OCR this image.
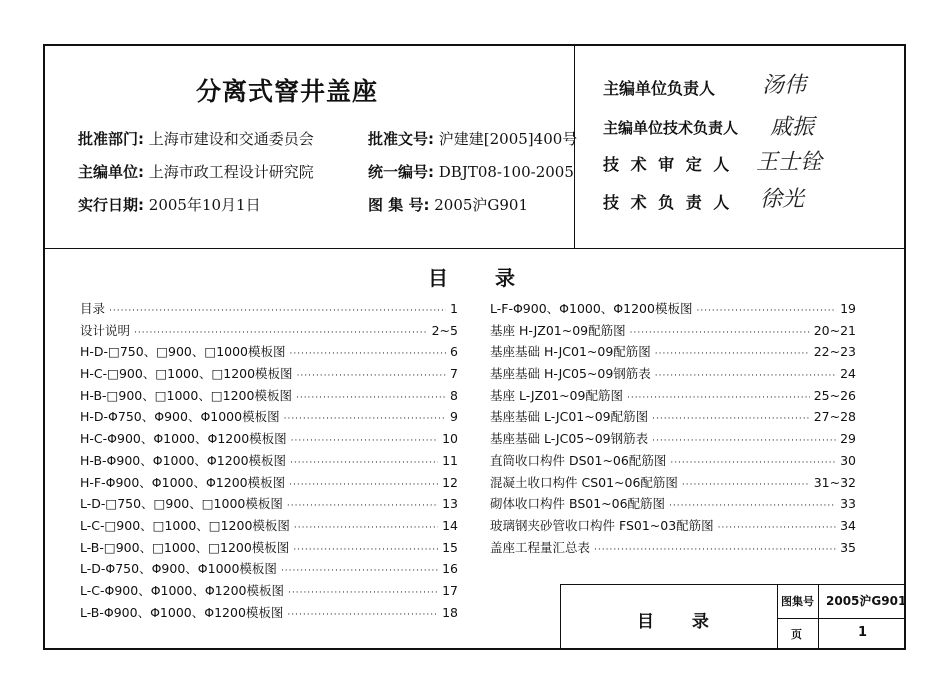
分离式窨井盖座
批准部门: 上海市建设和交通委员会	批准文号: 沪建建[2005]400号
主编单位: 上海市政工程设计研究院	统一编号: DBJT08-100-2005
实行日期: 2005年10月1日	图 集 号: 2005沪G901
主编单位负责人 汤伟
主编单位技术负责人 戚振
技 术 审 定 人 王士铨
技 术 负 责 人 徐光
目 录
目录 ·····	1
设计说明 ·····	2~5
H-D-□750、□900、□1000模板图 ·····	6
H-C-□900、□1000、□1200模板图 ·····	7
H-B-□900、□1000、□1200模板图 ·····	8
H-D-Φ750、Φ900、Φ1000模板图 ·····	9
H-C-Φ900、Φ1000、Φ1200模板图 ·····	10
H-B-Φ900、Φ1000、Φ1200模板图 ·····	11
H-F-Φ900、Φ1000、Φ1200模板图 ·····	12
L-D-□750、□900、□1000模板图 ·····	13
L-C-□900、□1000、□1200模板图 ·····	14
L-B-□900、□1000、□1200模板图 ·····	15
L-D-Φ750、Φ900、Φ1000模板图 ·····	16
L-C-Φ900、Φ1000、Φ1200模板图 ·····	17
L-B-Φ900、Φ1000、Φ1200模板图 ·····	18
L-F-Φ900、Φ1000、Φ1200模板图 ·····	19
基座 H-JZ01~09配筋图 ·····	20~21
基座基础 H-JC01~09配筋图 ·····	22~23
基座基础 H-JC05~09钢筋表 ·····	24
基座 L-JZ01~09配筋图 ·····	25~26
基座基础 L-JC01~09配筋图 ·····	27~28
基座基础 L-JC05~09钢筋表 ·····	29
直筒收口构件 DS01~06配筋图 ·····	30
混凝土收口构件 CS01~06配筋图 ·····	31~32
砌体收口构件 BS01~06配筋图 ·····	33
玻璃钢夹砂管收口构件 FS01~03配筋图 ·····	34
盖座工程量汇总表 ·····	35
目 录
图集号 2005沪G901
页	1
